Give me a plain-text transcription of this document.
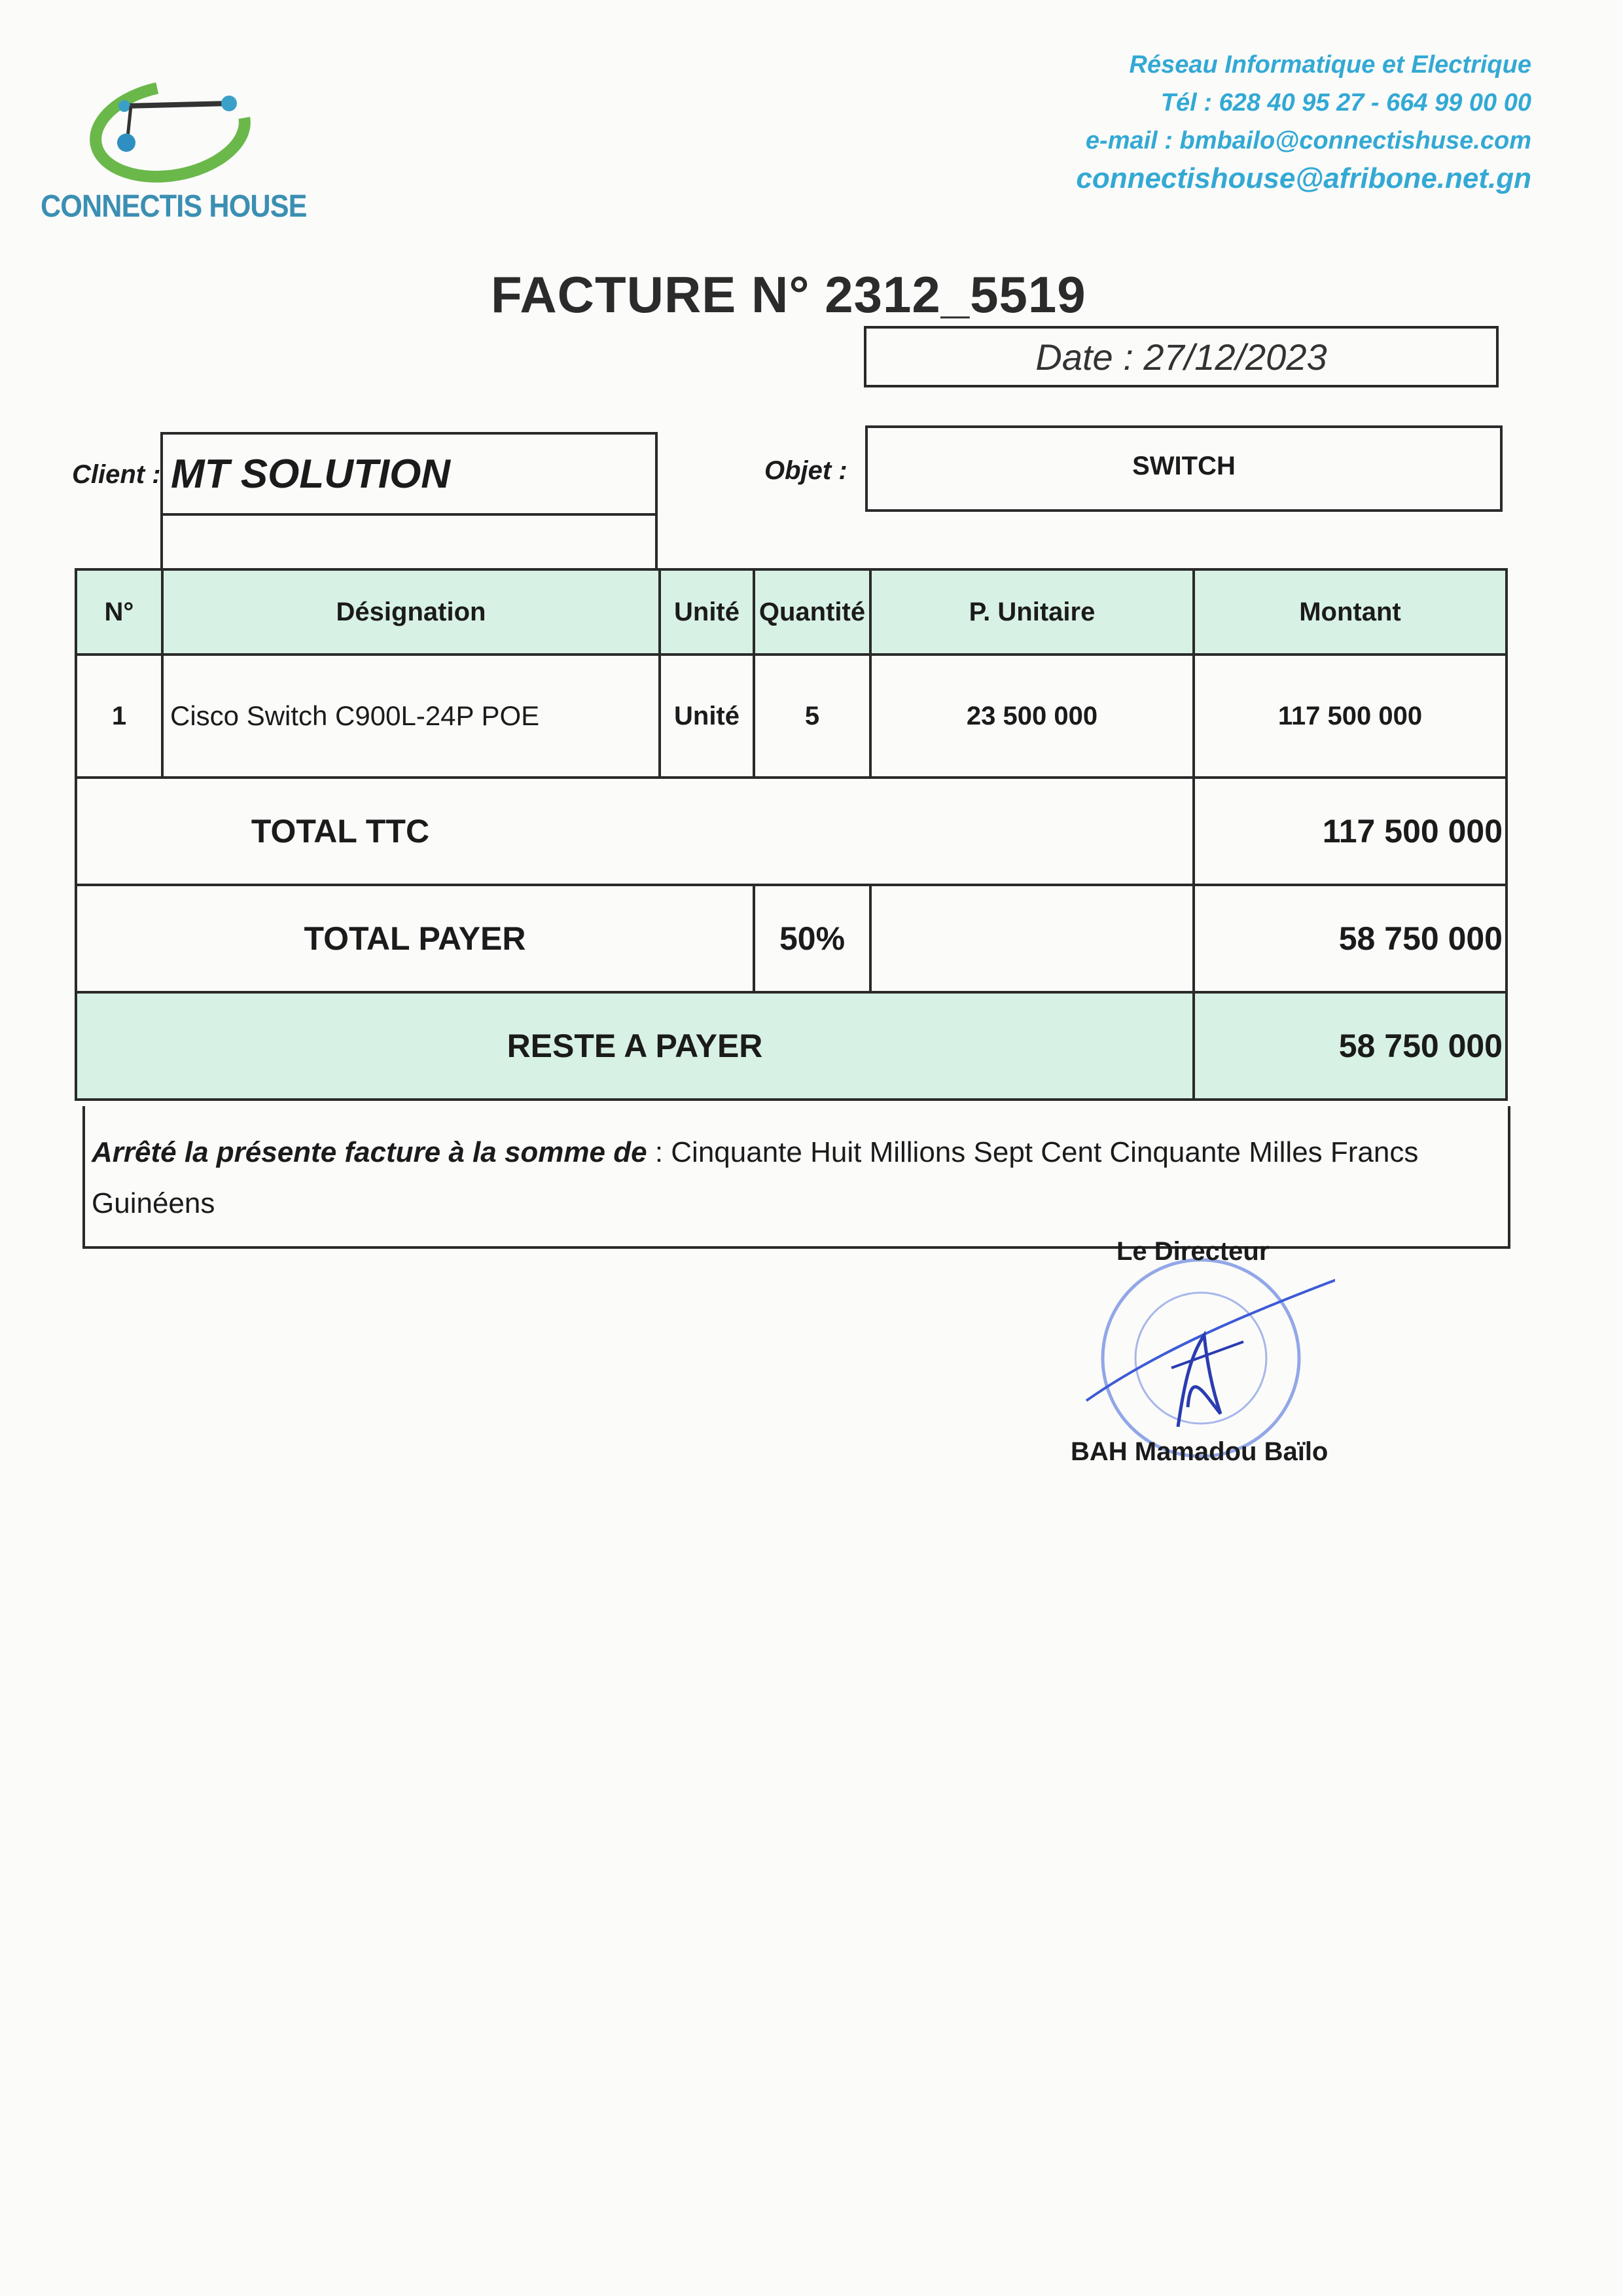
CONNECTIS HOUSE
Réseau Informatique et Electrique
Tél : 628 40 95 27 - 664 99 00 00
e-mail : bmbailo@connectishuse.com
connectishouse@afribone.net.gn
FACTURE N° 2312_5519
Date : 27/12/2023
Client : MT SOLUTION	Objet :	SWITCH
N°	Désignation	Unité	Quantité	P. Unitaire	Montant
1	Cisco Switch C900L-24P POE	Unité	5	23 500 000	117 500 000
TOTAL TTC					117 500 000
TOTAL PAYER			50%		58 750 000
RESTE A PAYER					58 750 000
Arrêté la présente facture à la somme de : Cinquante Huit Millions Sept Cent Cinquante Milles Francs Guinéens
Le Directeur
BAH Mamadou Baïlo
